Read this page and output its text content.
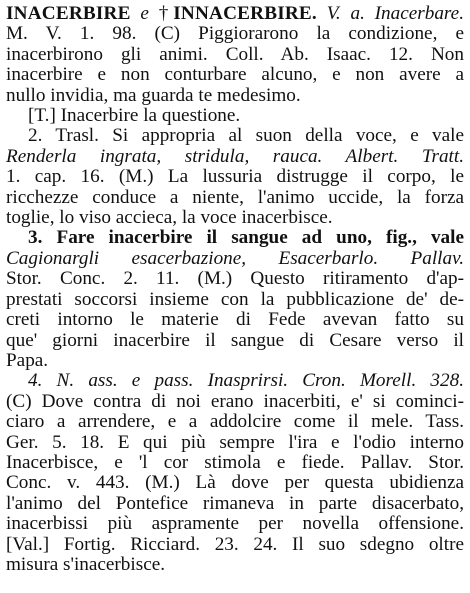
INACERBIRE e †INNACERBIRE. V. a. Inacerbare.
M. V. 1. 98. (C) Piggiorarono la condizione, e
inacerbirono gli animi. Coll. Ab. Isaac. 12. Non
inacerbire e non conturbare alcuno, e non avere a
nullo invidia, ma guarda te medesimo.
[T.] Inacerbire la questione.
2. Trasl. Si appropria al suon della voce, e vale
Renderla ingrata, stridula, rauca. Albert. Tratt.
1. cap. 16. (M.) La lussuria distrugge il corpo, le
ricchezze conduce a niente, l'animo uccide, la forza
toglie, lo viso accieca, la voce inacerbisce.
3. Fare inacerbire il sangue ad uno, fig., vale
Cagionargli esacerbazione, Esacerbarlo. Pallav.
Stor. Conc. 2. 11. (M.) Questo ritiramento d'ap-
prestati soccorsi insieme con la pubblicazione de' de-
creti intorno le materie di Fede avevan fatto su
que' giorni inacerbire il sangue di Cesare verso il
Papa.
4. N. ass. e pass. Inasprirsi. Cron. Morell. 328.
(C) Dove contra di noi erano inacerbiti, e' si cominci-
ciaro a arrendere, e a addolcire come il mele. Tass.
Ger. 5. 18. E qui più sempre l'ira e l'odio interno
Inacerbisce, e 'l cor stimola e fiede. Pallav. Stor.
Conc. v. 443. (M.) Là dove per questa ubidienza
l'animo del Pontefice rimaneva in parte disacerbato,
inacerbissi più aspramente per novella offensione.
[Val.] Fortig. Ricciard. 23. 24. Il suo sdegno oltre
misura s'inacerbisce.
